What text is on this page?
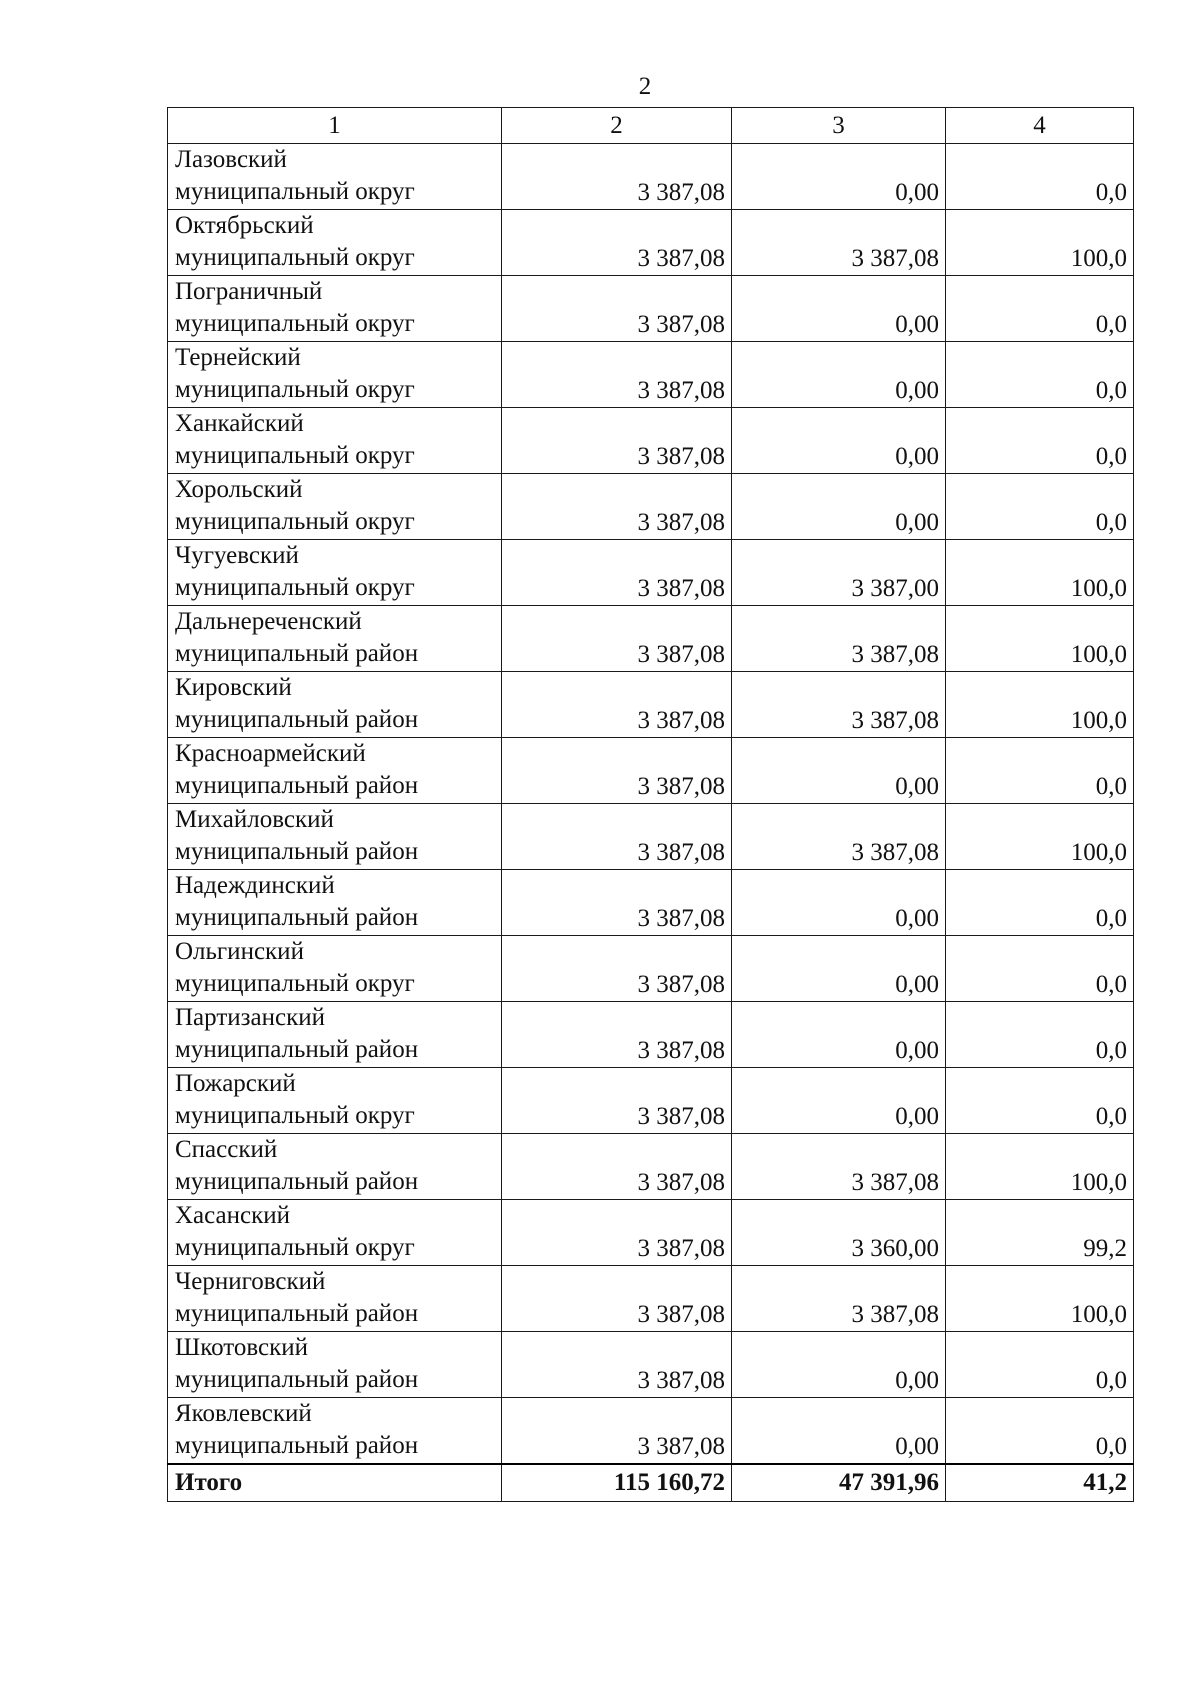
2
1	2	3	4

Лазовский
муниципальный округ	3 387,08	0,00	0,0

Октябрьский
муниципальный округ	3 387,08	3 387,08	100,0

Пограничный
муниципальный округ	3 387,08	0,00	0,0

Тернейский
муниципальный округ	3 387,08	0,00	0,0

Ханкайский
муниципальный округ	3 387,08	0,00	0,0

Хорольский
муниципальный округ	3 387,08	0,00	0,0

Чугуевский
муниципальный округ	3 387,08	3 387,00	100,0

Дальнереченский
муниципальный район	3 387,08	3 387,08	100,0

Кировский
муниципальный район	3 387,08	3 387,08	100,0

Красноармейский
муниципальный район	3 387,08	0,00	0,0

Михайловский
муниципальный район	3 387,08	3 387,08	100,0

Надеждинский
муниципальный район	3 387,08	0,00	0,0

Ольгинский
муниципальный округ	3 387,08	0,00	0,0

Партизанский
муниципальный район	3 387,08	0,00	0,0

Пожарский
муниципальный округ	3 387,08	0,00	0,0

Спасский
муниципальный район	3 387,08	3 387,08	100,0

Хасанский
муниципальный округ	3 387,08	3 360,00	99,2

Черниговский
муниципальный район	3 387,08	3 387,08	100,0

Шкотовский
муниципальный район	3 387,08	0,00	0,0

Яковлевский
муниципальный район	3 387,08	0,00	0,0
Итого	115 160,72	47 391,96	41,2
